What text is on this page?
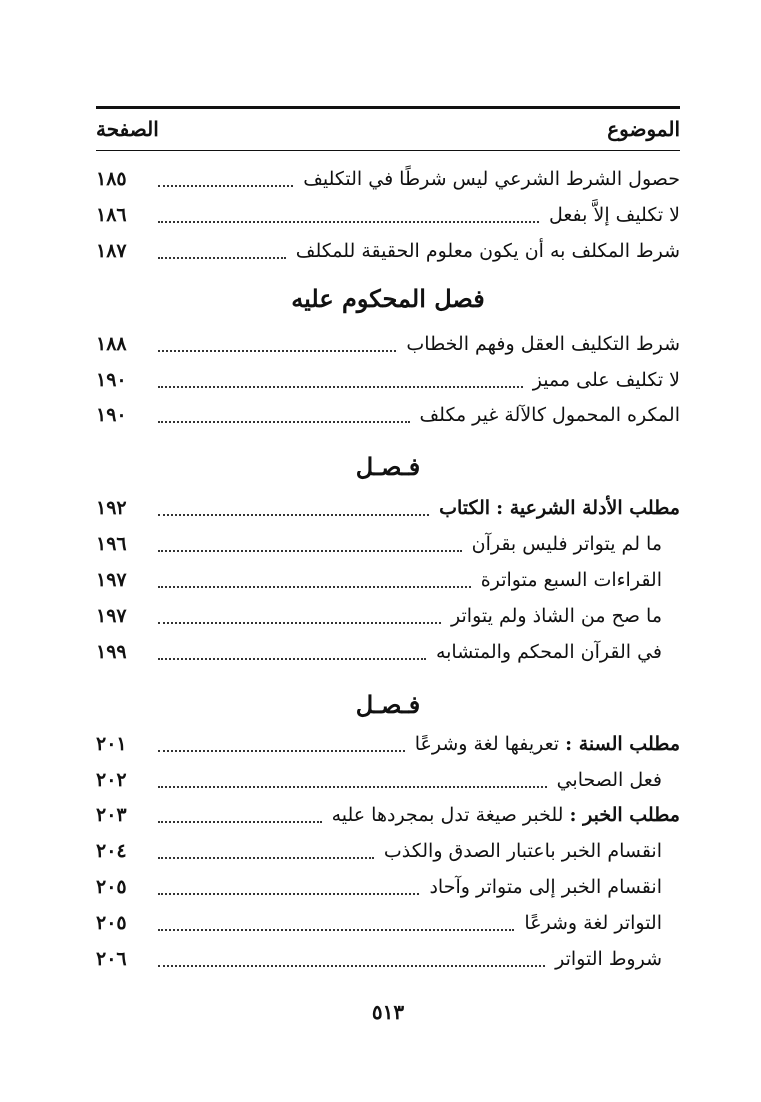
الموضوع
الصفحة
حصول الشرط الشرعي ليس شرطًا في التكليف
١٨٥
لا تكليف إلاَّ بفعل
١٨٦
شرط المكلف به أن يكون معلوم الحقيقة للمكلف
١٨٧
فصل المحكوم عليه
شرط التكليف العقل وفهم الخطاب
١٨٨
لا تكليف على مميز
١٩٠
المكره المحمول كالآلة غير مكلف
١٩٠
فـصـل
مطلب الأدلة الشرعية : الكتاب
١٩٢
ما لم يتواتر فليس بقرآن
١٩٦
القراءات السبع متواترة
١٩٧
ما صح من الشاذ ولم يتواتر
١٩٧
في القرآن المحكم والمتشابه
١٩٩
فـصـل
مطلب السنة : تعريفها لغة وشرعًا
٢٠١
فعل الصحابي
٢٠٢
مطلب الخبر : للخبر صيغة تدل بمجردها عليه
٢٠٣
انقسام الخبر باعتبار الصدق والكذب
٢٠٤
انقسام الخبر إلى متواتر وآحاد
٢٠٥
التواتر لغة وشرعًا
٢٠٥
شروط التواتر
٢٠٦
٥١٣
